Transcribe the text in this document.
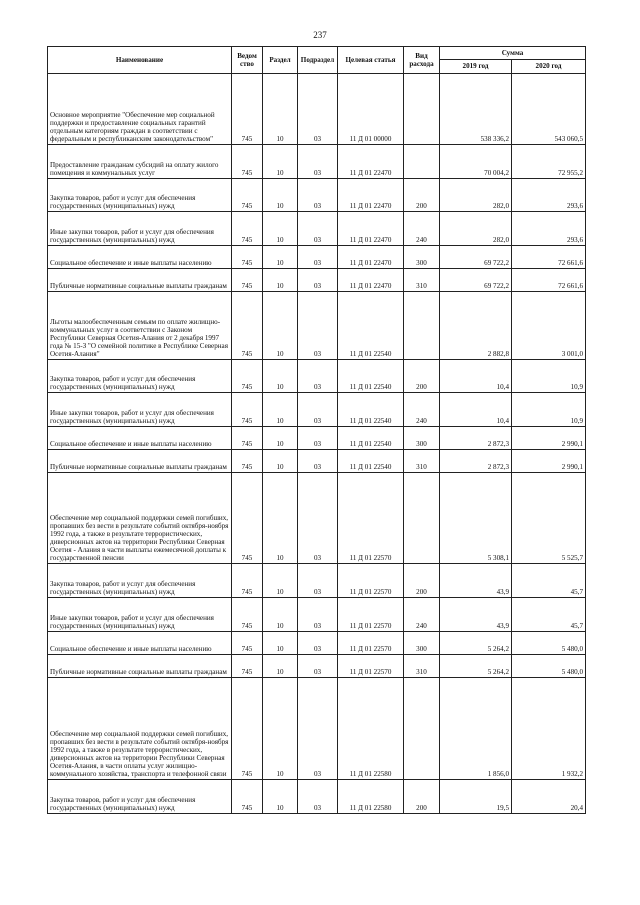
237
Наименование	Ведом ство	Раздел	Подраздел	Целевая статья	Вид расхода	Сумма	
						2019 год	2020 год
Основное мероприятие "Обеспечение мер социальной поддержки и предоставление социальных гарантий отдельным категориям граждан в соответствии с федеральным и республиканским законодательством"	745	10	03	11 Д 01 00000		538 336,2	543 060,5
Предоставление гражданам субсидий на оплату жилого помещения и коммунальных услуг	745	10	03	11 Д 01 22470		70 004,2	72 955,2
Закупка товаров, работ и услуг для обеспечения государственных (муниципальных) нужд	745	10	03	11 Д 01 22470	200	282,0	293,6
Иные закупки товаров, работ и услуг для обеспечения государственных (муниципальных) нужд	745	10	03	11 Д 01 22470	240	282,0	293,6
Социальное обеспечение и иные выплаты населению	745	10	03	11 Д 01 22470	300	69 722,2	72 661,6
Публичные нормативные социальные выплаты гражданам	745	10	03	11 Д 01 22470	310	69 722,2	72 661,6
Льготы малообеспеченным семьям по оплате жилищно-коммунальных услуг в соответствии с Законом Республики Северная Осетия-Алания от 2 декабря 1997 года № 15-З "О семейной политике в Республике Северная Осетия-Алания"	745	10	03	11 Д 01 22540		2 882,8	3 001,0
Закупка товаров, работ и услуг для обеспечения государственных (муниципальных) нужд	745	10	03	11 Д 01 22540	200	10,4	10,9
Иные закупки товаров, работ и услуг для обеспечения государственных (муниципальных) нужд	745	10	03	11 Д 01 22540	240	10,4	10,9
Социальное обеспечение и иные выплаты населению	745	10	03	11 Д 01 22540	300	2 872,3	2 990,1
Публичные нормативные социальные выплаты гражданам	745	10	03	11 Д 01 22540	310	2 872,3	2 990,1
Обеспечение мер социальной поддержки семей погибших, пропавших без вести в результате событий октября-ноября 1992 года, а также в результате террористических, диверсионных актов на территории Республики Северная Осетия - Алания в части выплаты ежемесячной доплаты к государственной пенсии	745	10	03	11 Д 01 22570		5 308,1	5 525,7
Закупка товаров, работ и услуг для обеспечения государственных (муниципальных) нужд	745	10	03	11 Д 01 22570	200	43,9	45,7
Иные закупки товаров, работ и услуг для обеспечения государственных (муниципальных) нужд	745	10	03	11 Д 01 22570	240	43,9	45,7
Социальное обеспечение и иные выплаты населению	745	10	03	11 Д 01 22570	300	5 264,2	5 480,0
Публичные нормативные социальные выплаты гражданам	745	10	03	11 Д 01 22570	310	5 264,2	5 480,0
Обеспечение мер социальной поддержки семей погибших, пропавших без вести в результате событий октября-ноября 1992 года, а также в результате террористических, диверсионных актов на территории Республики Северная Осетия-Алания, в части оплаты услуг жилищно-коммунального хозяйства, транспорта и телефонной связи	745	10	03	11 Д 01 22580		1 856,0	1 932,2
Закупка товаров, работ и услуг для обеспечения государственных (муниципальных) нужд	745	10	03	11 Д 01 22580	200	19,5	20,4
